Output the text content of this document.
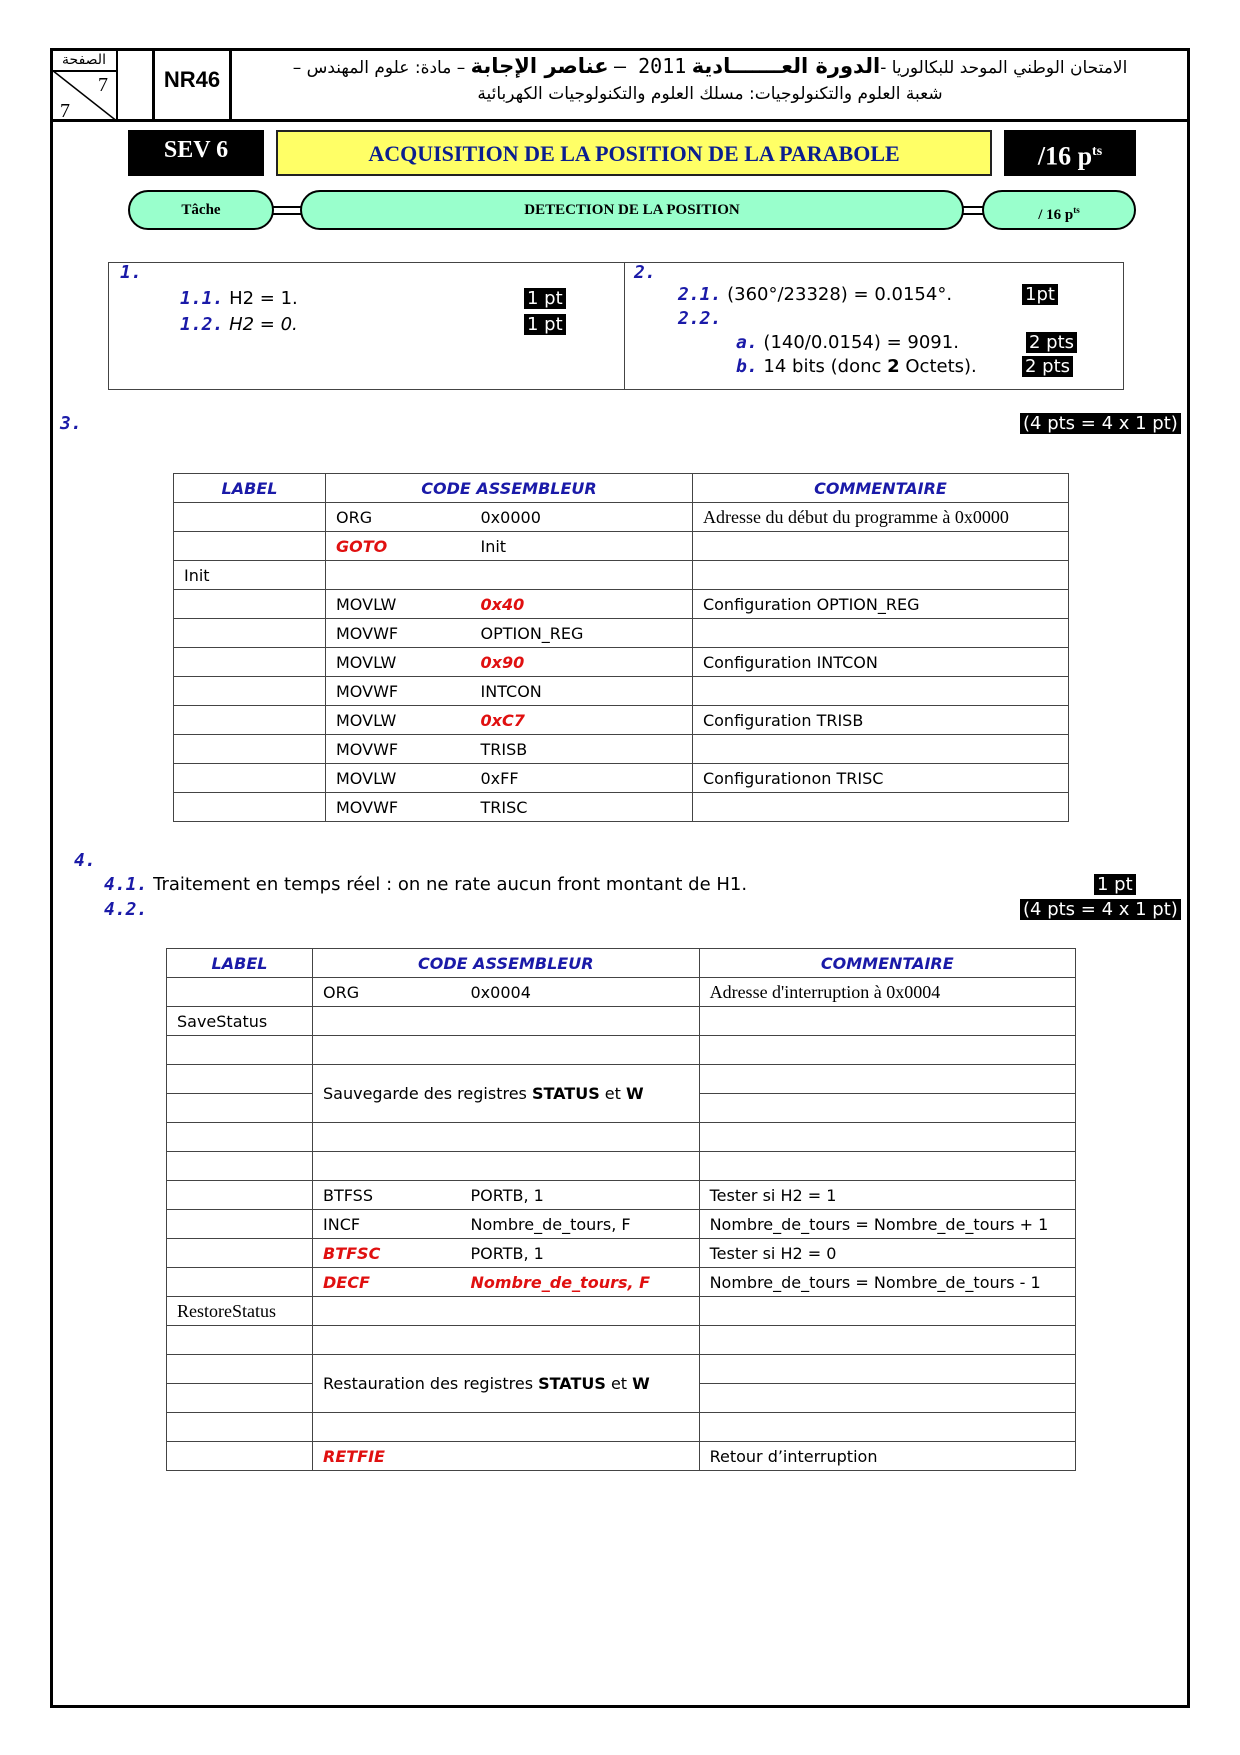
الصفحة
7
7
NR46	الامتحان الوطني الموحد للبكالوريا -الدورة العـــــــادية 2011 – عناصر الإجابة – مادة: علوم المهندس –
شعبة العلوم والتكنولوجيات: مسلك العلوم والتكنولوجيات الكهربائية
SEV 6	ACQUISITION DE LA POSITION DE LA PARABOLE	/16 $p^{ts}$
Tâche	DETECTION DE LA POSITION	/ 16 $p^{ts}$
1.
1.1. H2 = 1.
1.2. H2 = 0.
1 pt
1 pt
2.
2.1. (360°/23328) = 0.0154°.	1pt
2.2.
a. (140/0.0154) = 9091.	2 pts
b. 14 bits (donc 2 Octets).	2 pts
3.	(4 pts = 4 x 1 pt)
LABEL	CODE ASSEMBLEUR		COMMENTAIRE
	ORG	0x0000	Adresse du début du programme à 0x0000
	GOTO	Init	
Init			
	MOVLW	0x40	Configuration OPTION_REG
	MOVWF	OPTION_REG	
	MOVLW	0x90	Configuration INTCON
	MOVWF	INTCON	
	MOVLW	0xC7	Configuration TRISB
	MOVWF	TRISB	
	MOVLW	0xFF	Configurationon TRISC
	MOVWF	TRISC	
4.
4.1. Traitement en temps réel : on ne rate aucun front montant de H1.	1 pt
4.2.	(4 pts = 4 x 1 pt)
LABEL	CODE ASSEMBLEUR		COMMENTAIRE
	ORG	0x0004	Adresse d'interruption à 0x0004
SaveStatus			

	Sauvegarde des registres STATUS et W		

	BTFSS	PORTB, 1	Tester si H2 = 1
	INCF	Nombre_de_tours, F	Nombre_de_tours = Nombre_de_tours + 1
	BTFSC	PORTB, 1	Tester si H2 = 0
	DECF	Nombre_de_tours, F	Nombre_de_tours = Nombre_de_tours - 1
RestoreStatus			

	Restauration des registres STATUS et W		

	RETFIE		Retour d’interruption
